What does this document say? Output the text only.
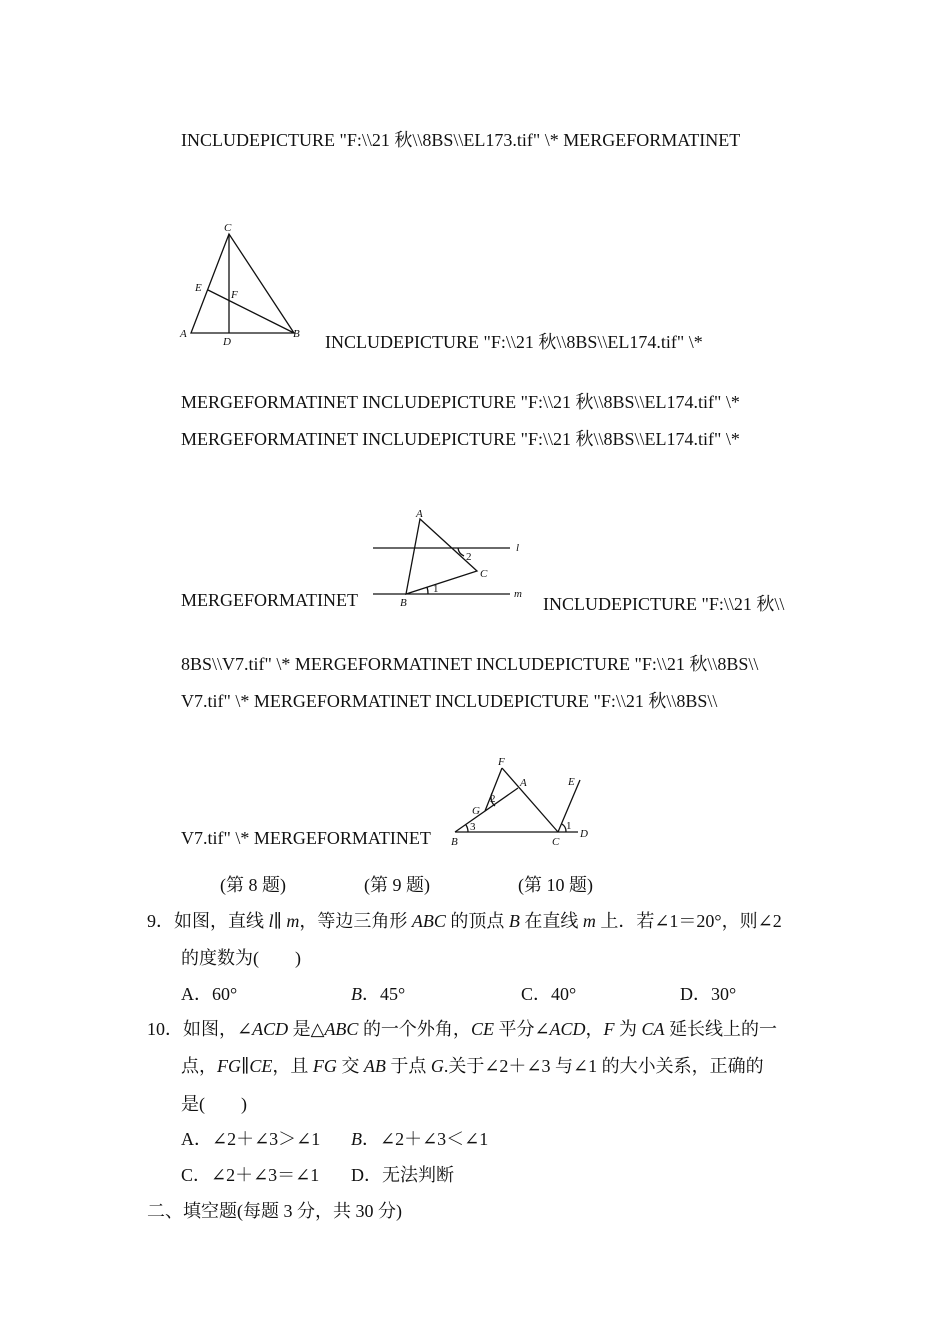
INCLUDEPICTURE "F:\\21 秋\\8BS\\EL173.tif" \* MERGEFORMATINET
C
E
F
A
D
B INCLUDEPICTURE "F:\\21 秋\\8BS\\EL174.tif" \*
MERGEFORMATINET INCLUDEPICTURE "F:\\21 秋\\8BS\\EL174.tif" \*
MERGEFORMATINET INCLUDEPICTURE "F:\\21 秋\\8BS\\EL174.tif" \*
MERGEFORMATINET
A
l
2
C
1	m
B	INCLUDEPICTURE "F:\\21 秋\\
8BS\\V7.tif" \* MERGEFORMATINET INCLUDEPICTURE "F:\\21 秋\\8BS\\
V7.tif" \* MERGEFORMATINET INCLUDEPICTURE "F:\\21 秋\\8BS\\
V7.tif" \* MERGEFORMATINET
F
A	E
G
2
3	1
B	C
D
(第 8 题)	(第 9 题)	(第 10 题)
9．如图，直线 l∥ m，等边三角形 ABC 的顶点 B 在直线 m 上．若∠1＝20°，则∠2
的度数为(　　)
A．60°	B．45°	C．40°	D．30°
10．如图，∠ACD 是△ABC 的一个外角，CE 平分∠ACD，F 为 CA 延长线上的一
点，FG∥CE，且 FG 交 AB 于点 G.关于∠2＋∠3 与∠1 的大小关系，正确的
是(　　)
A．∠2＋∠3＞∠1 B．∠2＋∠3＜∠1
C．∠2＋∠3＝∠1 D．无法判断
二、填空题(每题 3 分，共 30 分)
